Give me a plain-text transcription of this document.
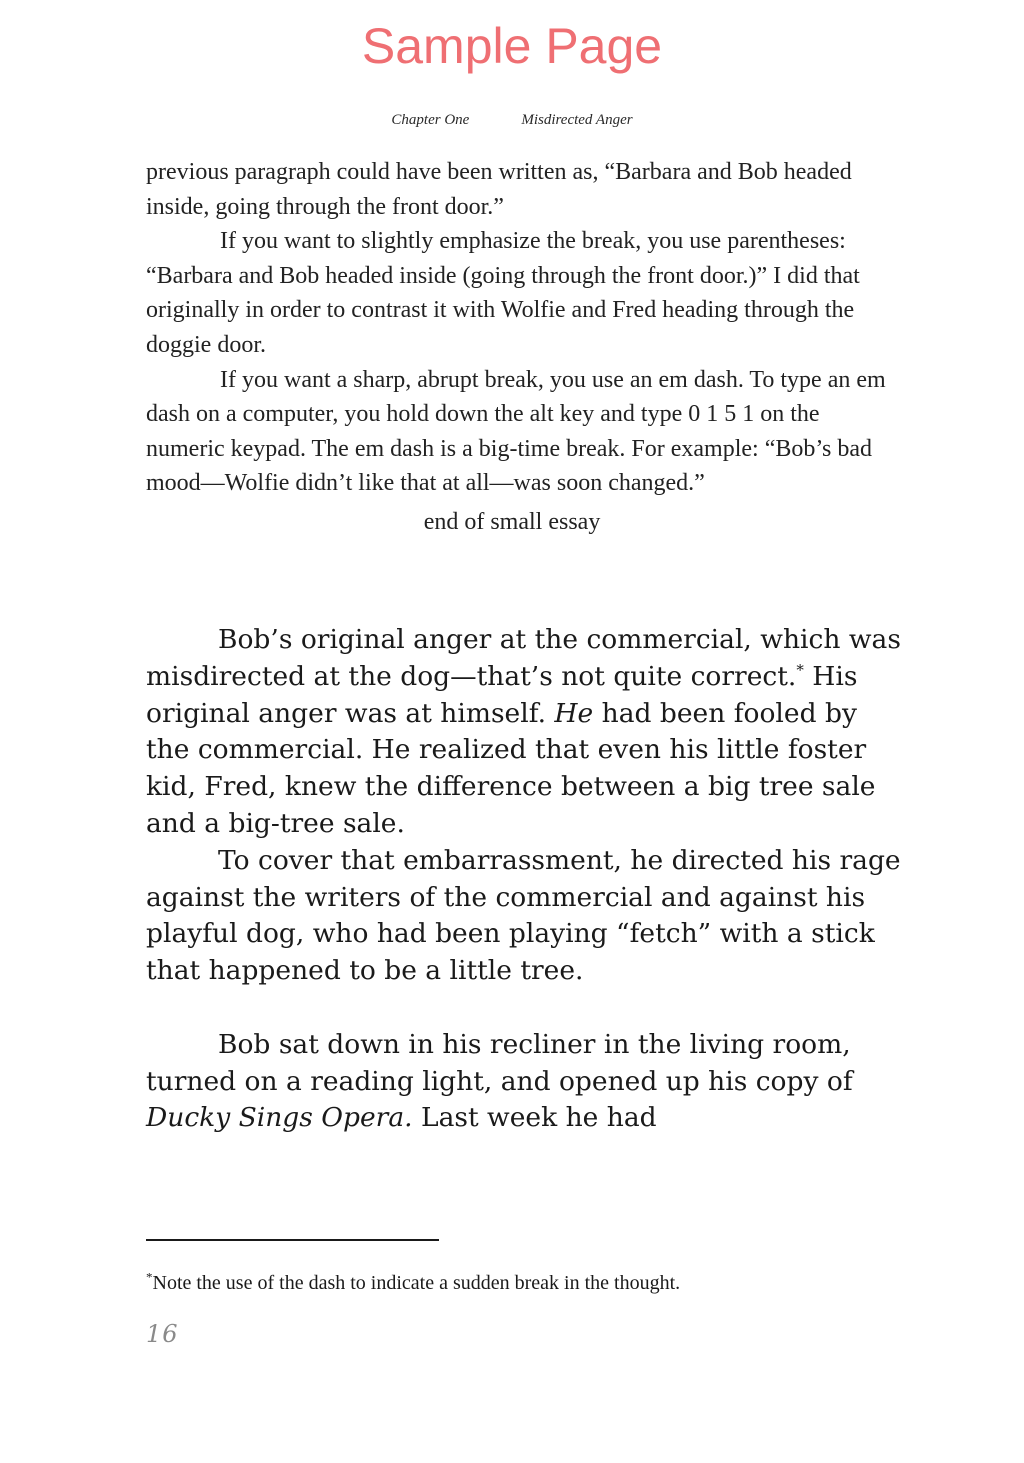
Sample Page
Chapter One	Misdirected Anger

previous paragraph could have been written as, “Barbara and Bob headed inside, going through the front door.”

If you want to slightly emphasize the break, you use parentheses: “Barbara and Bob headed inside (going through the front door.)” I did that originally in order to contrast it with Wolfie and Fred heading through the doggie door.

If you want a sharp, abrupt break, you use an em dash. To type an em dash on a computer, you hold down the alt key and type 0 1 5 1 on the numeric keypad. The em dash is a big-time break. For example: “Bob’s bad mood—Wolfie didn’t like that at all—was soon changed.”

end of small essay

Bob’s original anger at the commercial, which was misdirected at the dog—that’s not quite correct.* His original anger was at himself. He had been fooled by the commercial. He realized that even his little foster kid, Fred, knew the difference between a big tree sale and a big-tree sale.

To cover that embarrassment, he directed his rage against the writers of the commercial and against his playful dog, who had been playing “fetch” with a stick that happened to be a little tree.

Bob sat down in his recliner in the living room, turned on a reading light, and opened up his copy of Ducky Sings Opera. Last week he had

*Note the use of the dash to indicate a sudden break in the thought.
16
